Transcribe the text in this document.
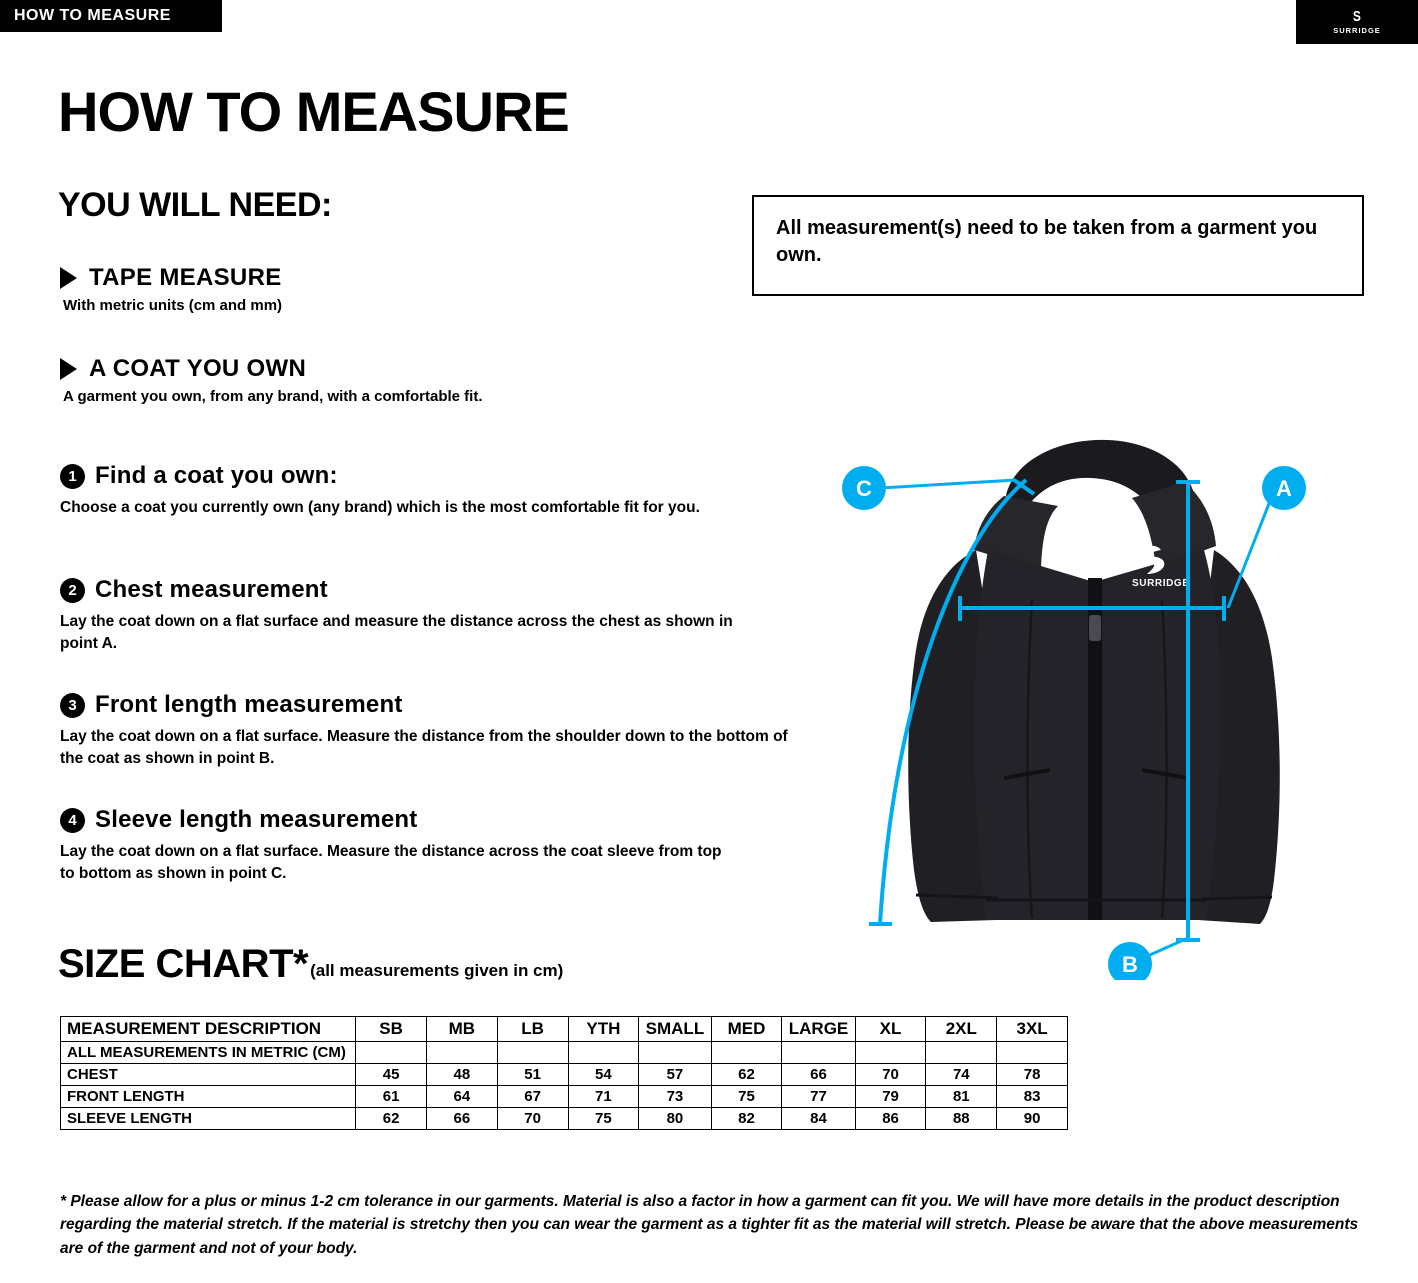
HOW TO MEASURE	S
SURRIDGE
HOW TO MEASURE
YOU WILL NEED:
All measurement(s) need to be taken from a garment you own.
TAPE MEASURE
With metric units (cm and mm)
A COAT YOU OWN
A garment you own, from any brand, with a comfortable fit.
1 Find a coat you own:
Choose a coat you currently own (any brand) which is the most comfortable fit for you.
2 Chest measurement
Lay the coat down on a flat surface and measure the distance across the chest as shown in point A.
3 Front length measurement
Lay the coat down on a flat surface. Measure the distance from the shoulder down to the bottom of the coat as shown in point B.
4 Sleeve length measurement
Lay the coat down on a flat surface. Measure the distance across the coat sleeve from top to bottom as shown in point C.
SURRIDGE
C	A
B
SIZE CHART* (all measurements given in cm)
MEASUREMENT DESCRIPTION	SB	MB	LB	YTH	SMALL	MED	LARGE	XL	2XL	3XL
ALL MEASUREMENTS IN METRIC (CM)										
CHEST	45	48	51	54	57	62	66	70	74	78
FRONT LENGTH	61	64	67	71	73	75	77	79	81	83
SLEEVE LENGTH	62	66	70	75	80	82	84	86	88	90
* Please allow for a plus or minus 1-2 cm tolerance in our garments. Material is also a factor in how a garment can fit you. We will have more details in the product description regarding the material stretch. If the material is stretchy then you can wear the garment as a tighter fit as the material will stretch. Please be aware that the above measurements are of the garment and not of your body.
